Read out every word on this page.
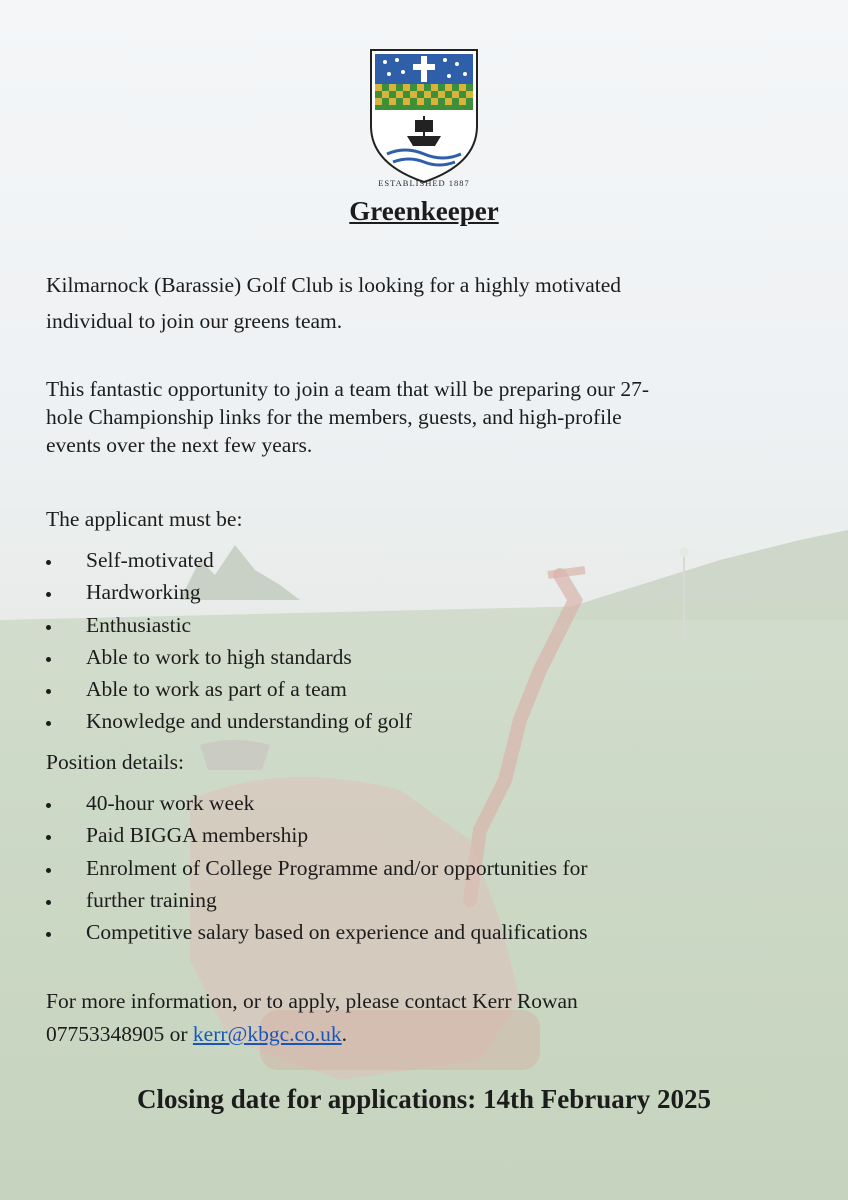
ESTABLISHED 1887
Greenkeeper

Kilmarnock (Barassie) Golf Club is looking for a highly motivated
individual to join our greens team.

This fantastic opportunity to join a team that will be preparing our 27-
hole Championship links for the members, guests, and high-profile
events over the next few years.

The applicant must be:

Self-motivated
Hardworking
Enthusiastic
Able to work to high standards
Able to work as part of a team
Knowledge and understanding of golf

Position details:

40-hour work week
Paid BIGGA membership
Enrolment of College Programme and/or opportunities for
further training
Competitive salary based on experience and qualifications
For more information, or to apply, please contact Kerr Rowan
07753348905 or kerr@kbgc.co.uk.
Closing date for applications: 14th February 2025
